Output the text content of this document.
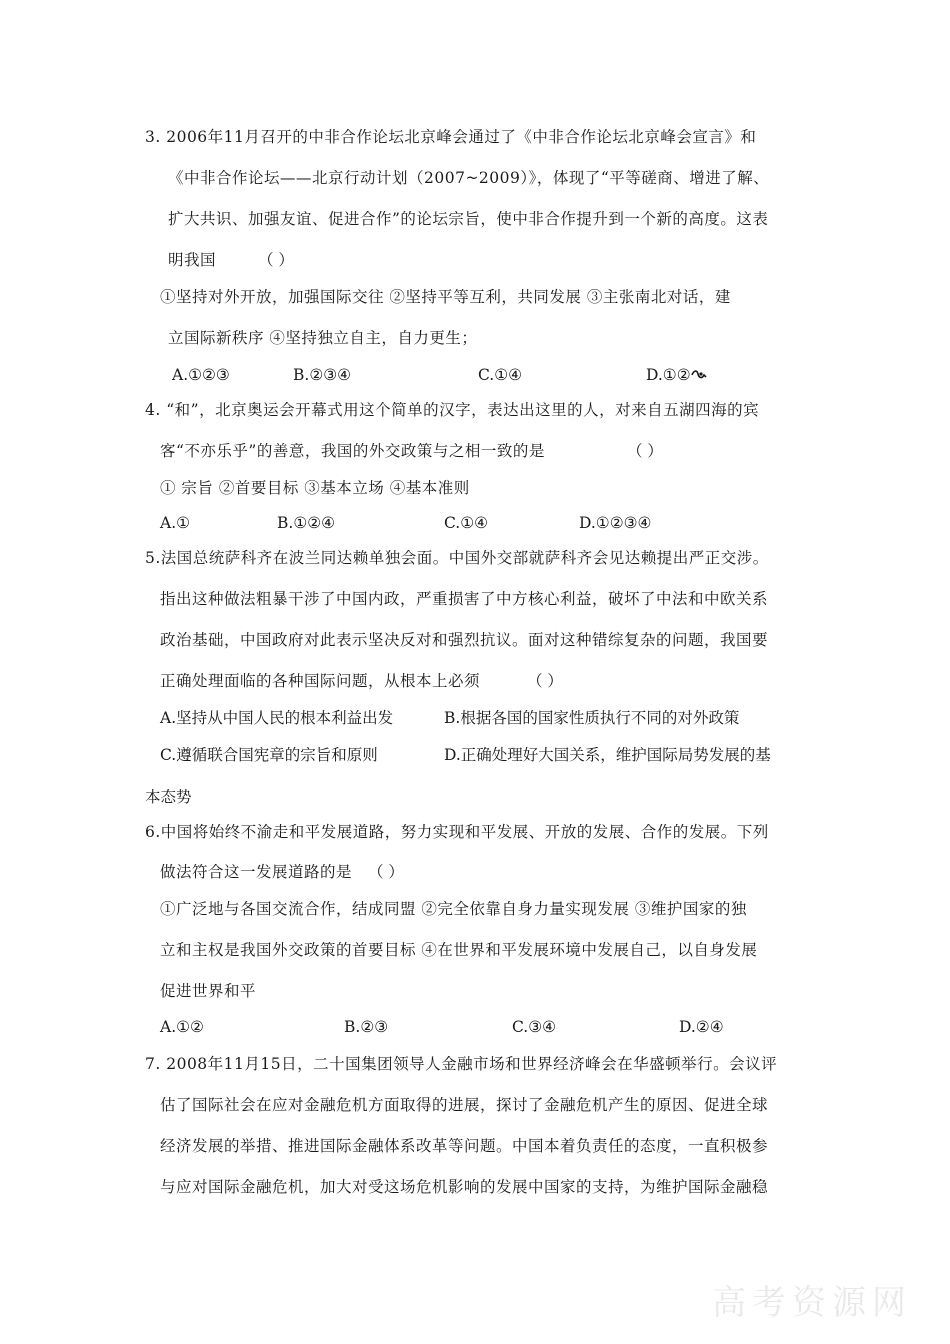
3. 2006年11月召开的中非合作论坛北京峰会通过了《中非合作论坛北京峰会宣言》和
《中非合作论坛——北京行动计划（2007~2009）》，体现了“平等磋商、增进了解、
扩大共识、加强友谊、促进合作”的论坛宗旨，使中非合作提升到一个新的高度。这表
明我国	（ ）
①坚持对外开放，加强国际交往 ②坚持平等互利，共同发展 ③主张南北对话，建
立国际新秩序 ④坚持独立自主，自力更生；
A.①②③	B.②③④	C.①④	D.①②
4. “和”，北京奥运会开幕式用这个简单的汉字，表达出这里的人，对来自五湖四海的宾
客“不亦乐乎”的善意，我国的外交政策与之相一致的是	（ ）
① 宗旨 ②首要目标 ③基本立场 ④基本准则
A.①	B.①②④	C.①④	D.①②③④
5.法国总统萨科齐在波兰同达赖单独会面。中国外交部就萨科齐会见达赖提出严正交涉。
指出这种做法粗暴干涉了中国内政，严重损害了中方核心利益，破坏了中法和中欧关系
政治基础，中国政府对此表示坚决反对和强烈抗议。面对这种错综复杂的问题，我国要
正确处理面临的各种国际问题，从根本上必须	（ ）
A.坚持从中国人民的根本利益出发	B.根据各国的国家性质执行不同的对外政策
C.遵循联合国宪章的宗旨和原则	D.正确处理好大国关系，维护国际局势发展的基
本态势
6.中国将始终不渝走和平发展道路，努力实现和平发展、开放的发展、合作的发展。下列
做法符合这一发展道路的是 （ ）
①广泛地与各国交流合作，结成同盟 ②完全依靠自身力量实现发展 ③维护国家的独
立和主权是我国外交政策的首要目标 ④在世界和平发展环境中发展自己，以自身发展
促进世界和平
A.①②	B.②③	C.③④	D.②④
7. 2008年11月15日，二十国集团领导人金融市场和世界经济峰会在华盛顿举行。会议评
估了国际社会在应对金融危机方面取得的进展，探讨了金融危机产生的原因、促进全球
经济发展的举措、推进国际金融体系改革等问题。中国本着负责任的态度，一直积极参
与应对国际金融危机，加大对受这场危机影响的发展中国家的支持，为维护国际金融稳
高考资源网
